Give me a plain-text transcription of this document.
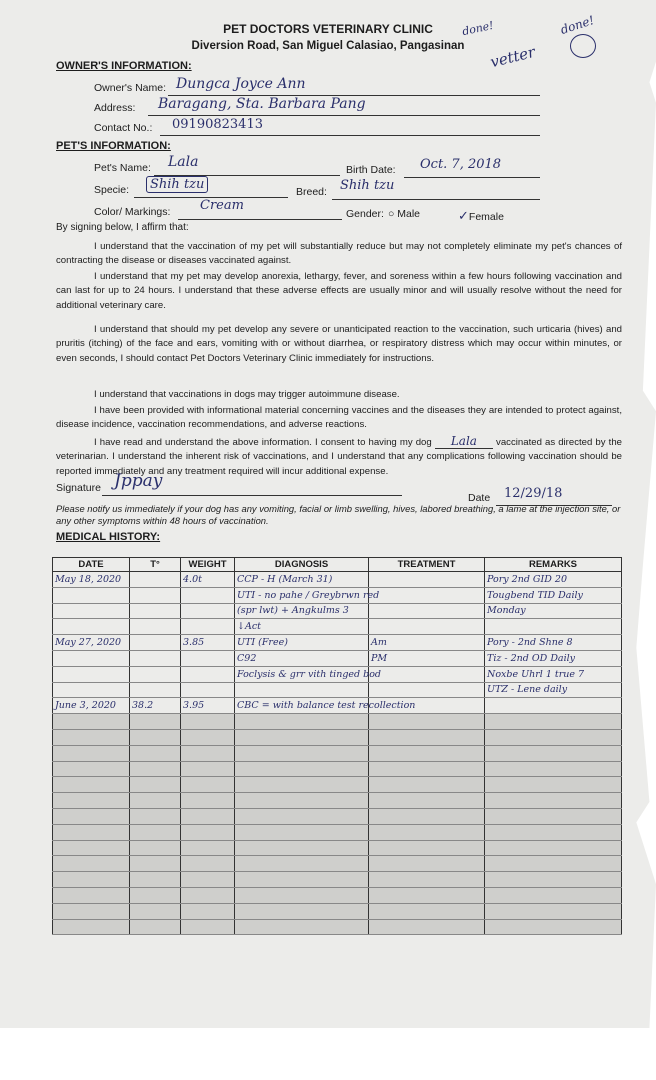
PET DOCTORS VETERINARY CLINIC
Diversion Road, San Miguel Calasiao, Pangasinan
done!
vetter
done!
OWNER'S INFORMATION:
Owner's Name: Dungca Joyce Ann
Address: Baragang, Sta. Barbara Pang
Contact No.: 09190823413
PET'S INFORMATION:
Pet's Name: Lala	Birth Date: Oct. 7, 2018
Specie:	Shih tzu	Breed: Shih tzu
Color/ Markings: Cream
Gender: ○ Male	✓Female
By signing below, I affirm that:
I understand that the vaccination of my pet will substantially reduce but may not completely eliminate my pet's chances of contracting the disease or diseases vaccinated against.
I understand that my pet may develop anorexia, lethargy, fever, and soreness within a few hours following vaccination and can last for up to 24 hours. I understand that these adverse effects are usually minor and will usually resolve without the need for additional veterinary care.
I understand that should my pet develop any severe or unanticipated reaction to the vaccination, such urticaria (hives) and pruritis (itching) of the face and ears, vomiting with or without diarrhea, or respiratory distress which may occur within minutes, or even seconds, I should contact Pet Doctors Veterinary Clinic immediately for instructions.
I understand that vaccinations in dogs may trigger autoimmune disease.
I have been provided with informational material concerning vaccines and the diseases they are intended to protect against, disease incidence, vaccination recommendations, and adverse reactions.
I have read and understand the above information. I consent to having my dog Lala vaccinated as directed by the veterinarian. I understand the inherent risk of vaccinations, and I understand that any complications following vaccination should be reported immediately and any treatment required will incur additional expense.
Signature Jppay
Date 12/29/18
Please notify us immediately if your dog has any vomiting, facial or limb swelling, hives, labored breathing, a lame at the injection site, or any other symptoms within 48 hours of vaccination.
MEDICAL HISTORY:
DATE	T°	WEIGHT	DIAGNOSIS	TREATMENT	REMARKS
May 18, 2020		4.0t	CCP - H (March 31)		Pory 2nd GID 20
			UTI - no pahe / Greybrwn red		Tougbend TID Daily
			(spr lwt) + Angkulms 3		Monday
			↓Act		
May 27, 2020		3.85	UTI (Free)	Am	Pory - 2nd Shne 8
			C92	PM	Tiz - 2nd OD Daily
			Foclysis & grr vith tinged bod		Noxbe Uhrl 1 true 7
					UTZ - Lene daily
June 3, 2020	38.2	3.95	CBC = with balance test recollection		
